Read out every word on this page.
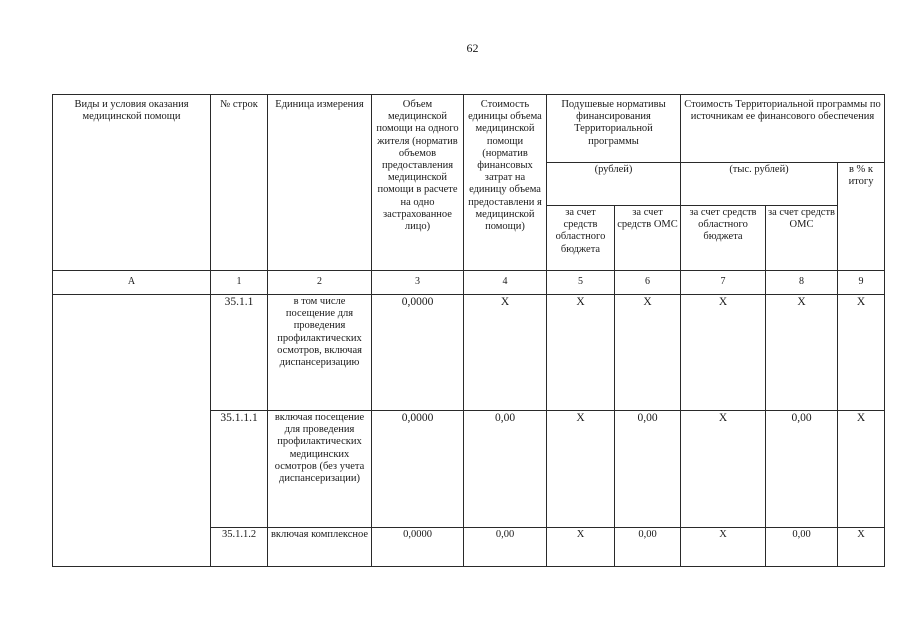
62
Виды и условия оказания медицинской помощи	№ строк	Единица измерения	Объем медицинской помощи на одного жителя (норматив объемов предоставления медицинской помощи в расчете на одно застрахованное лицо)	Стоимость единицы объема медицинской помощи (норматив финансовых затрат на единицу объема предоставлени я медицинской помощи)	Подушевые нормативы финансирования Территориальной программы		Стоимость Территориальной программы по источникам ее финансового обеспечения		
					(рублей)		(тыс. рублей)		в % к итогу
					за счет средств областного бюджета	за счет средств ОМС	за счет средств областного бюджета	за счет средств ОМС	
А	1	2	3	4	5	6	7	8	9
	35.1.1	в том числе посещение для проведения профилактических осмотров, включая диспансеризацию	0,0000	X	X	X	X	X	X
	35.1.1.1	включая посещение для проведения профилактических медицинских осмотров (без учета диспансеризации)	0,0000	0,00	X	0,00	X	0,00	X
	35.1.1.2	включая комплексное	0,0000	0,00	X	0,00	X	0,00	X
